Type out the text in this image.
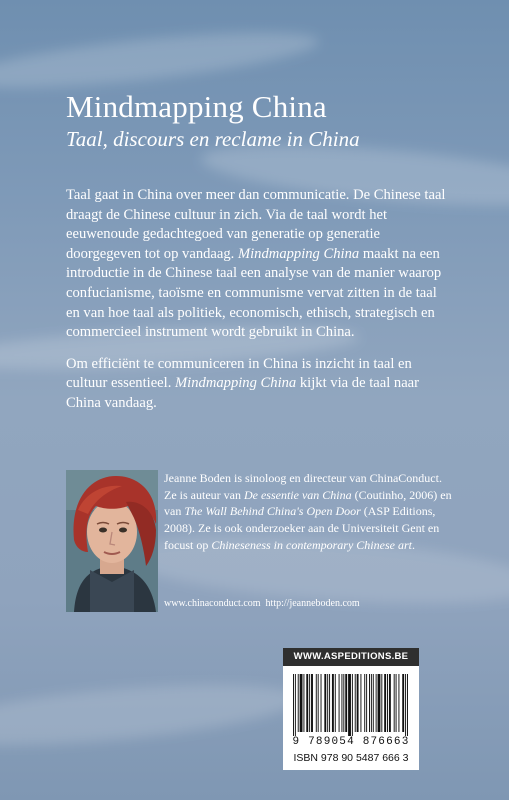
Mindmapping China
Taal, discours en reclame in China

Taal gaat in China over meer dan communicatie. De Chinese taal draagt de Chinese cultuur in zich. Via de taal wordt het eeuwenoude gedachtegoed van generatie op generatie doorgegeven tot op vandaag. Mindmapping China maakt na een introductie in de Chinese taal een analyse van de manier waarop confucianisme, taoïsme en communisme vervat zitten in de taal en van hoe taal als politiek, economisch, ethisch, strategisch en commercieel instrument wordt gebruikt in China.

Om efficiënt te communiceren in China is inzicht in taal en cultuur essentieel. Mindmapping China kijkt via de taal naar China vandaag.

Jeanne Boden is sinoloog en directeur van ChinaConduct. Ze is auteur van De essentie van China (Coutinho, 2006) en van The Wall Behind China's Open Door (ASP Editions, 2008). Ze is ook onderzoeker aan de Universiteit Gent en focust op Chineseness in contemporary Chinese art.
www.chinaconduct.com http://jeanneboden.com
WWW.ASPEDITIONS.BE
9 789054 876663
ISBN 978 90 5487 666 3
